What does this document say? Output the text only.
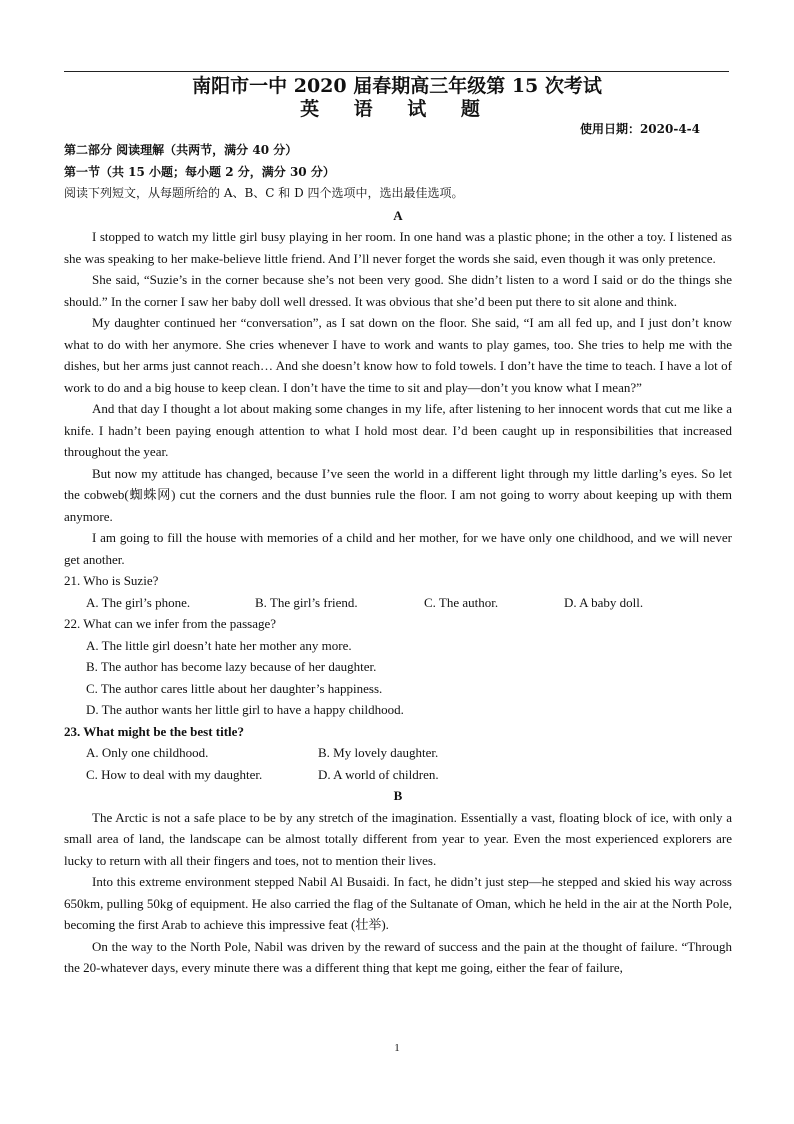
南阳市一中 2020 届春期高三年级第 15 次考试
英 语 试 题
使用日期：2020-4-4
第二部分 阅读理解（共两节，满分 40 分）
第一节（共 15 小题；每小题 2 分，满分 30 分）
阅读下列短文，从每题所给的 A、B、C 和 D 四个选项中，选出最佳选项。
A

I stopped to watch my little girl busy playing in her room. In one hand was a plastic phone; in the other a toy. I listened as she was speaking to her make-believe little friend. And I’ll never forget the words she said, even though it was only pretence.

She said, “Suzie’s in the corner because she’s not been very good. She didn’t listen to a word I said or do the things she should.” In the corner I saw her baby doll well dressed. It was obvious that she’d been put there to sit alone and think.

My daughter continued her “conversation”, as I sat down on the floor. She said, “I am all fed up, and I just don’t know what to do with her anymore. She cries whenever I have to work and wants to play games, too. She tries to help me with the dishes, but her arms just cannot reach… And she doesn’t know how to fold towels. I don’t have the time to teach. I have a lot of work to do and a big house to keep clean. I don’t have the time to sit and play—don’t you know what I mean?”

And that day I thought a lot about making some changes in my life, after listening to her innocent words that cut me like a knife. I hadn’t been paying enough attention to what I hold most dear. I’d been caught up in responsibilities that increased throughout the year.

But now my attitude has changed, because I’ve seen the world in a different light through my little darling’s eyes. So let the cobweb(蜘蛛网) cut the corners and the dust bunnies rule the floor. I am not going to worry about keeping up with them anymore.

I am going to fill the house with memories of a child and her mother, for we have only one childhood, and we will never get another.

21. Who is Suzie?
A. The girl’s phone.	B. The girl’s friend.	C. The author.	D. A baby doll.
22. What can we infer from the passage?
A. The little girl doesn’t hate her mother any more.
B. The author has become lazy because of her daughter.
C. The author cares little about her daughter’s happiness.
D. The author wants her little girl to have a happy childhood.
23. What might be the best title?
A. Only one childhood.	B. My lovely daughter.
C. How to deal with my daughter.	D. A world of children.
B

The Arctic is not a safe place to be by any stretch of the imagination. Essentially a vast, floating block of ice, with only a small area of land, the landscape can be almost totally different from year to year. Even the most experienced explorers are lucky to return with all their fingers and toes, not to mention their lives.

Into this extreme environment stepped Nabil Al Busaidi. In fact, he didn’t just step—he stepped and skied his way across 650km, pulling 50kg of equipment. He also carried the flag of the Sultanate of Oman, which he held in the air at the North Pole, becoming the first Arab to achieve this impressive feat (壮举).

On the way to the North Pole, Nabil was driven by the reward of success and the pain at the thought of failure. “Through the 20-whatever days, every minute there was a different thing that kept me going, either the fear of failure,

1
